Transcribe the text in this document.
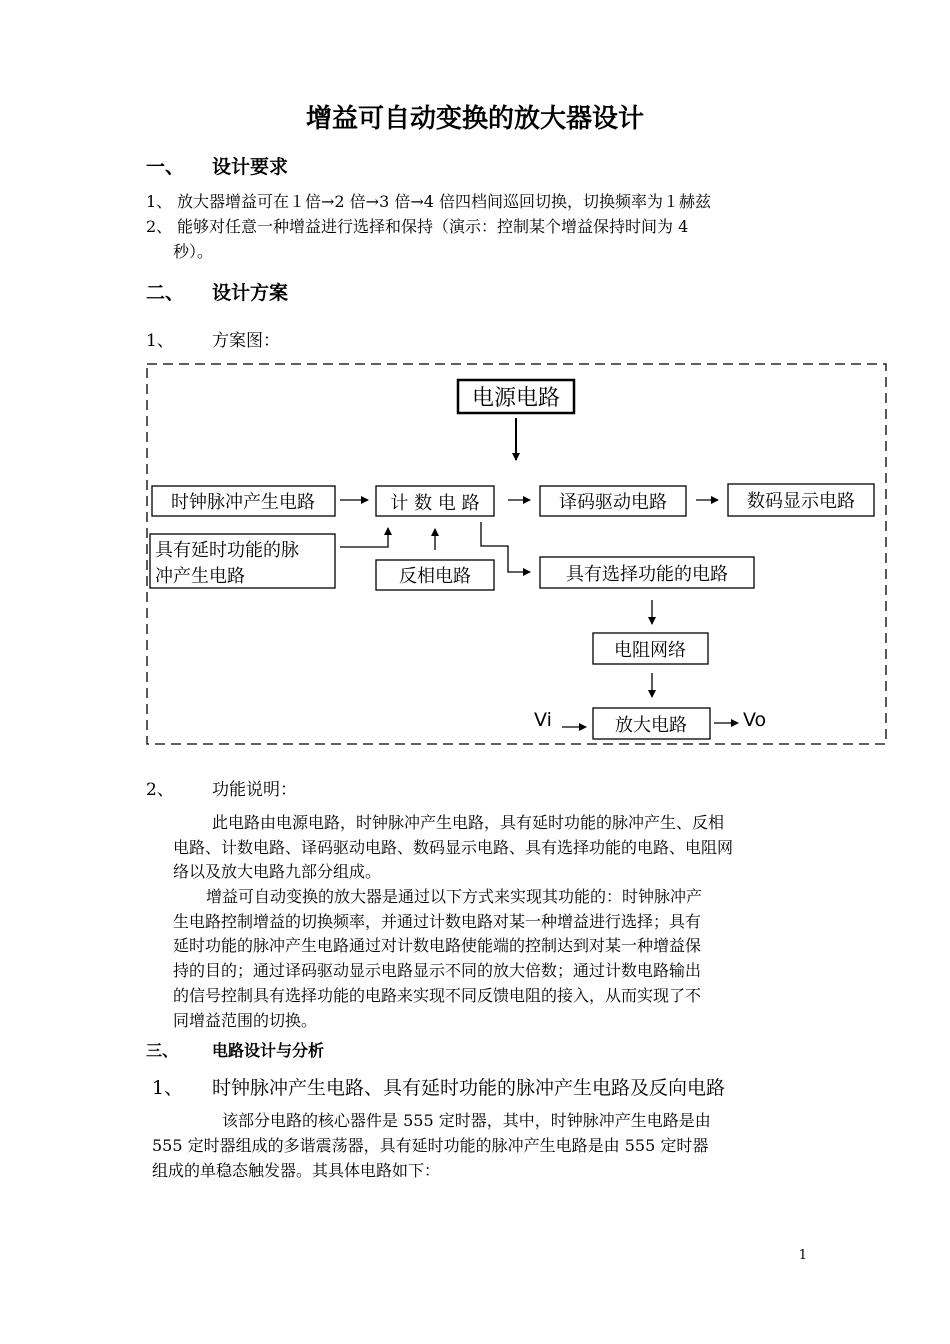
增益可自动变换的放大器设计
一、 设计要求
1、 放大器增益可在１倍→2 倍→3 倍→4 倍四档间巡回切换，切换频率为１赫兹
2、 能够对任意一种增益进行选择和保持（演示：控制某个增益保持时间为 4
秒）。
二、 设计方案
1、 方案图：
电源电路
时钟脉冲产生电路	计 数 电 路	译码驱动电路	数码显示电路
具有延时功能的脉
冲产生电路	反相电路	具有选择功能的电路
电阻网络
放大电路
Vi	Vo
2、 功能说明：
此电路由电源电路，时钟脉冲产生电路，具有延时功能的脉冲产生、反相
电路、计数电路、译码驱动电路、数码显示电路、具有选择功能的电路、电阻网
络以及放大电路九部分组成。
增益可自动变换的放大器是通过以下方式来实现其功能的：时钟脉冲产
生电路控制增益的切换频率，并通过计数电路对某一种增益进行选择；具有
延时功能的脉冲产生电路通过对计数电路使能端的控制达到对某一种增益保
持的目的；通过译码驱动显示电路显示不同的放大倍数；通过计数电路输出
的信号控制具有选择功能的电路来实现不同反馈电阻的接入，从而实现了不
同增益范围的切换。
三、 电路设计与分析
1、 时钟脉冲产生电路、具有延时功能的脉冲产生电路及反向电路
该部分电路的核心器件是 555 定时器，其中，时钟脉冲产生电路是由
555 定时器组成的多谐震荡器，具有延时功能的脉冲产生电路是由 555 定时器
组成的单稳态触发器。其具体电路如下：
1
